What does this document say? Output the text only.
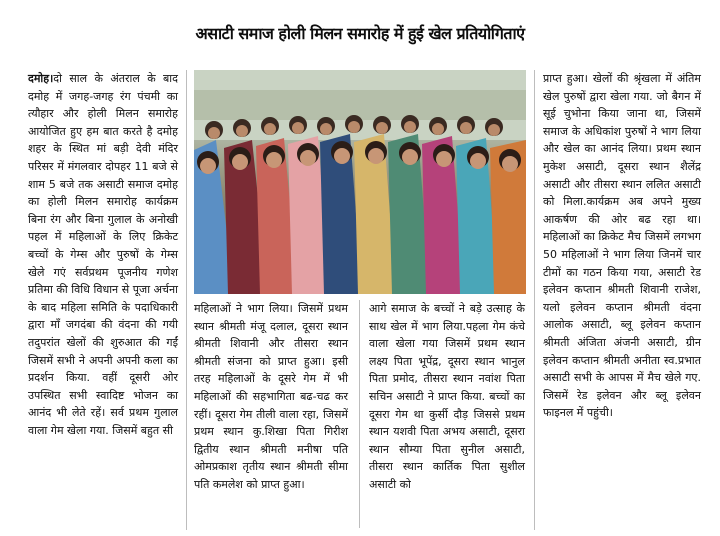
असाटी समाज होली मिलन समारोह में हुई खेल प्रतियोगिताएं

दमोह।दो साल के अंतराल के बाद दमोह में जगह-जगह रंग पंचमी का त्यौहार और होली मिलन समारोह आयोजित हुए हम बात करते है दमोह शहर के स्थित मां बड़ी देवी मंदिर परिसर में मंगलवार दोपहर 11 बजे से शाम 5 बजे तक असाटी समाज दमोह का होली मिलन समारोह कार्यक्रम बिना रंग और बिना गुलाल के अनोखी पहल में महिलाओं के लिए क्रिकेट बच्चों के गेम्स और पुरुषों के गेम्स खेले गएं सर्वप्रथम पूजनीय गणेश प्रतिमा की विधि विधान से पूजा अर्चना के बाद महिला समिति के पदाधिकारी द्वारा माँ जगदंबा की वंदना की गयी तदुपरांत खेलों की शुरुआत की गईं जिसमें सभी ने अपनी अपनी कला का प्रदर्शन किया. वहीं दूसरी ओर उपस्थित सभी स्वादिष्ट भोजन का आनंद भी लेते रहें। सर्व प्रथम गुलाल वाला गेम खेला गया. जिसमें बहुत सी

महिलाओं ने भाग लिया। जिसमें प्रथम स्थान श्रीमती मंजू दलाल, दूसरा स्थान श्रीमती शिवानी और तीसरा स्थान श्रीमती संजना को प्राप्त हुआ। इसी तरह महिलाओं के दूसरे गेम में भी महिलाओं की सहभागिता बढ-चढ कर रहीं। दूसरा गेम तीली वाला रहा, जिसमें प्रथम स्थान कु.शिखा पिता गिरीश द्वितीय स्थान श्रीमती मनीषा पति ओमप्रकाश तृतीय स्थान श्रीमती सीमा पति कमलेश को प्राप्त हुआ।

आगे समाज के बच्चों ने बड़े उत्साह के साथ खेल में भाग लिया.पहला गेम कंचे वाला खेला गया जिसमें प्रथम स्थान लक्ष्य पिता भूपेंद्र, दूसरा स्थान भानुल पिता प्रमोद, तीसरा स्थान नवांश पिता सचिन असाटी ने प्राप्त किया. बच्चों का दूसरा गेम था कुर्सी दौड़ जिससे प्रथम स्थान यशवी पिता अभय असाटी, दूसरा स्थान सौम्या पिता सुनील असाटी, तीसरा स्थान कार्तिक पिता सुशील असाटी को

प्राप्त हुआ। खेलों की श्रृंखला में अंतिम खेल पुरुषों द्वारा खेला गया. जो बैगन में सूई चुभोना किया जाना था, जिसमें समाज के अधिकांश पुरुषों ने भाग लिया और खेल का आनंद लिया। प्रथम स्थान मुकेश असाटी, दूसरा स्थान शैलेंद्र असाटी और तीसरा स्थान ललित असाटी को मिला.कार्यक्रम अब अपने मुख्य आकर्षण की ओर बढ रहा था। महिलाओं का क्रिकेट मैच जिसमें लगभग 50 महिलाओं ने भाग लिया जिनमें चार टीमों का गठन किया गया, असाटी रेड इलेवन कप्तान श्रीमती शिवानी राजेश, यलो इलेवन कप्तान श्रीमती वंदना आलोक असाटी, ब्लू इलेवन कप्तान श्रीमती अंजिता अंजनी असाटी, ग्रीन इलेवन कप्तान श्रीमती अनीता स्व.प्रभात असाटी सभी के आपस में मैच खेले गए. जिसमें रेड इलेवन और ब्लू इलेवन फाइनल में पहुंची।
